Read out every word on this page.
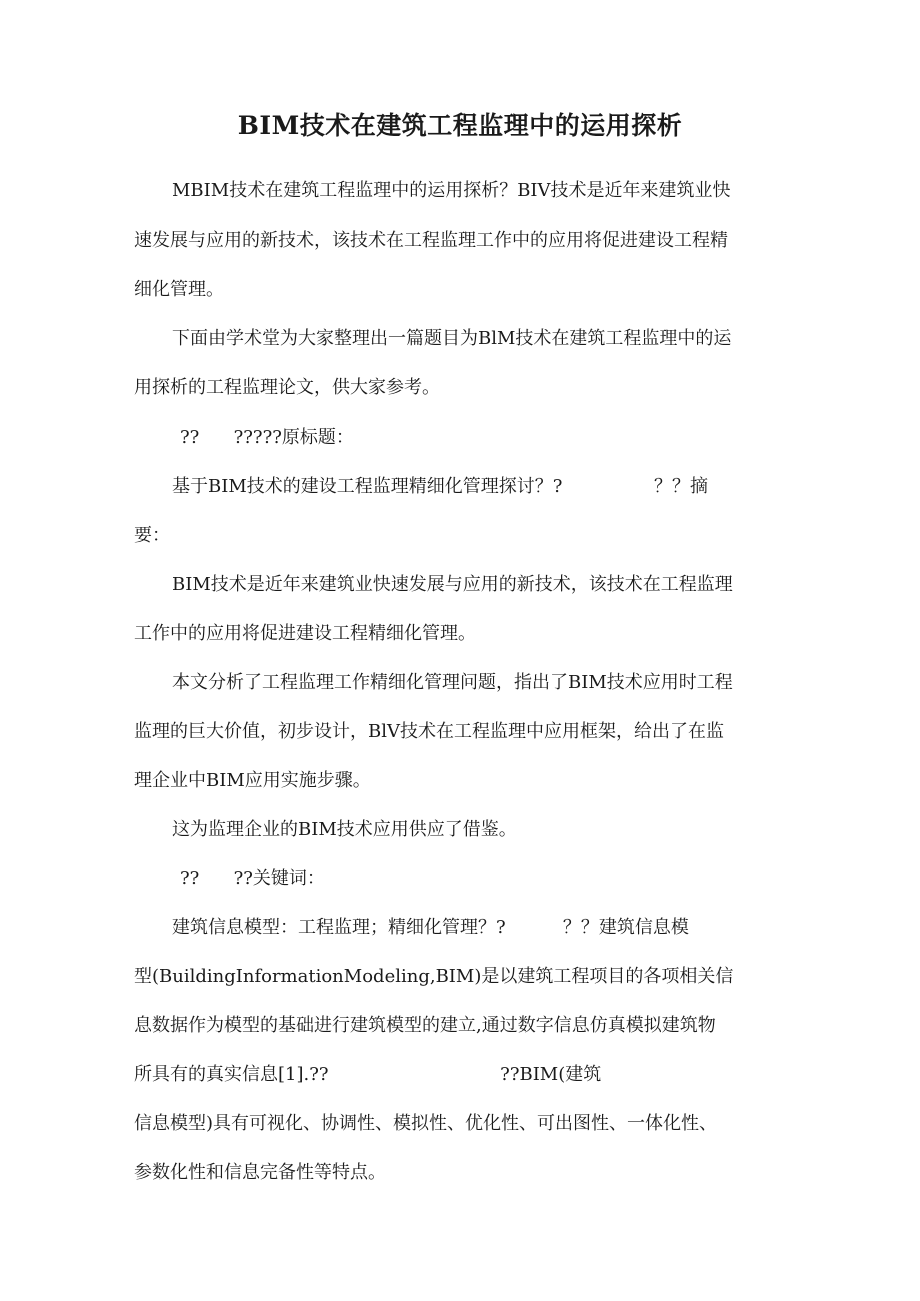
BIM技术在建筑工程监理中的运用探析

MBIM技术在建筑工程监理中的运用探析？BIV技术是近年来建筑业快

速发展与应用的新技术，该技术在工程监理工作中的应用将促进建设工程精

细化管理。

下面由学术堂为大家整理出一篇题目为BlM技术在建筑工程监理中的运

用探析的工程监理论文，供大家参考。

??      ?????原标题：

基于BIM技术的建设工程监理精细化管理探讨？?                ？？摘

要：

BIM技术是近年来建筑业快速发展与应用的新技术，该技术在工程监理

工作中的应用将促进建设工程精细化管理。

本文分析了工程监理工作精细化管理问题，指出了BIM技术应用时工程

监理的巨大价值，初步设计，BlV技术在工程监理中应用框架，给出了在监

理企业中BIM应用实施步骤。

这为监理企业的BIM技术应用供应了借鉴。

??      ??关键词：

建筑信息模型：工程监理；精细化管理？?          ？？建筑信息模

型(BuildingInformationModeling,BIM)是以建筑工程项目的各项相关信

息数据作为模型的基础进行建筑模型的建立,通过数字信息仿真模拟建筑物

所具有的真实信息[1].??                              ??BIM(建筑

信息模型)具有可视化、协调性、模拟性、优化性、可出图性、一体化性、

参数化性和信息完备性等特点。
